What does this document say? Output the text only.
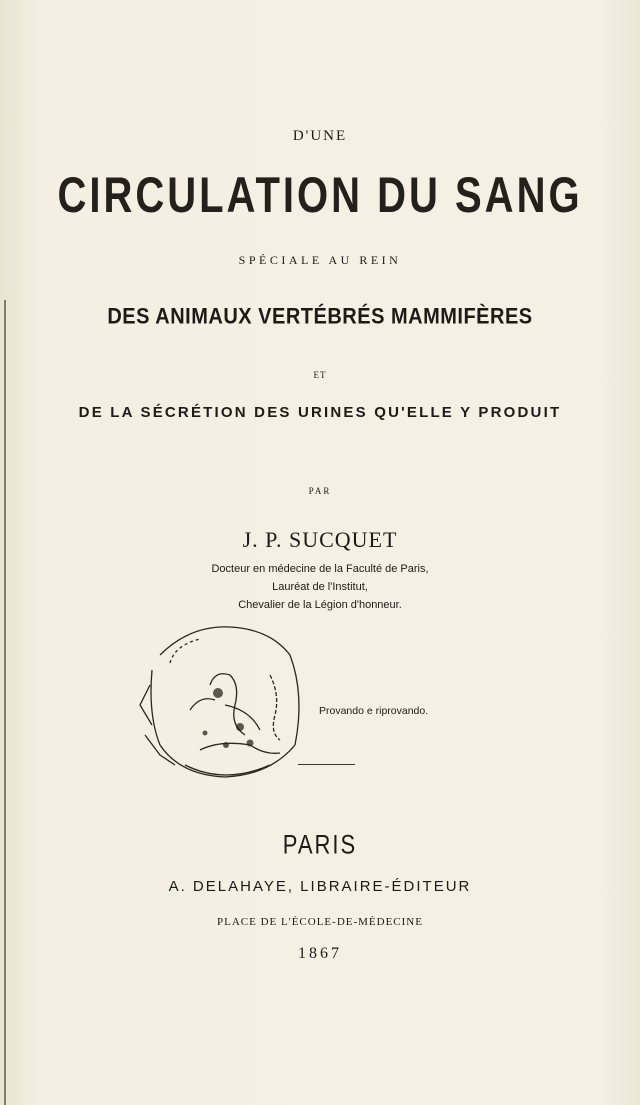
D'UNE
CIRCULATION DU SANG
SPÉCIALE AU REIN
DES ANIMAUX VERTÉBRÉS MAMMIFÈRES
ET
DE LA SÉCRÉTION DES URINES QU'ELLE Y PRODUIT
PAR
J. P. SUCQUET
Docteur en médecine de la Faculté de Paris,
Lauréat de l'Institut,
Chevalier de la Légion d'honneur.
Provando e riprovando.
PARIS
A. DELAHAYE, LIBRAIRE-ÉDITEUR
PLACE DE L'ÉCOLE-DE-MÉDECINE
1867
